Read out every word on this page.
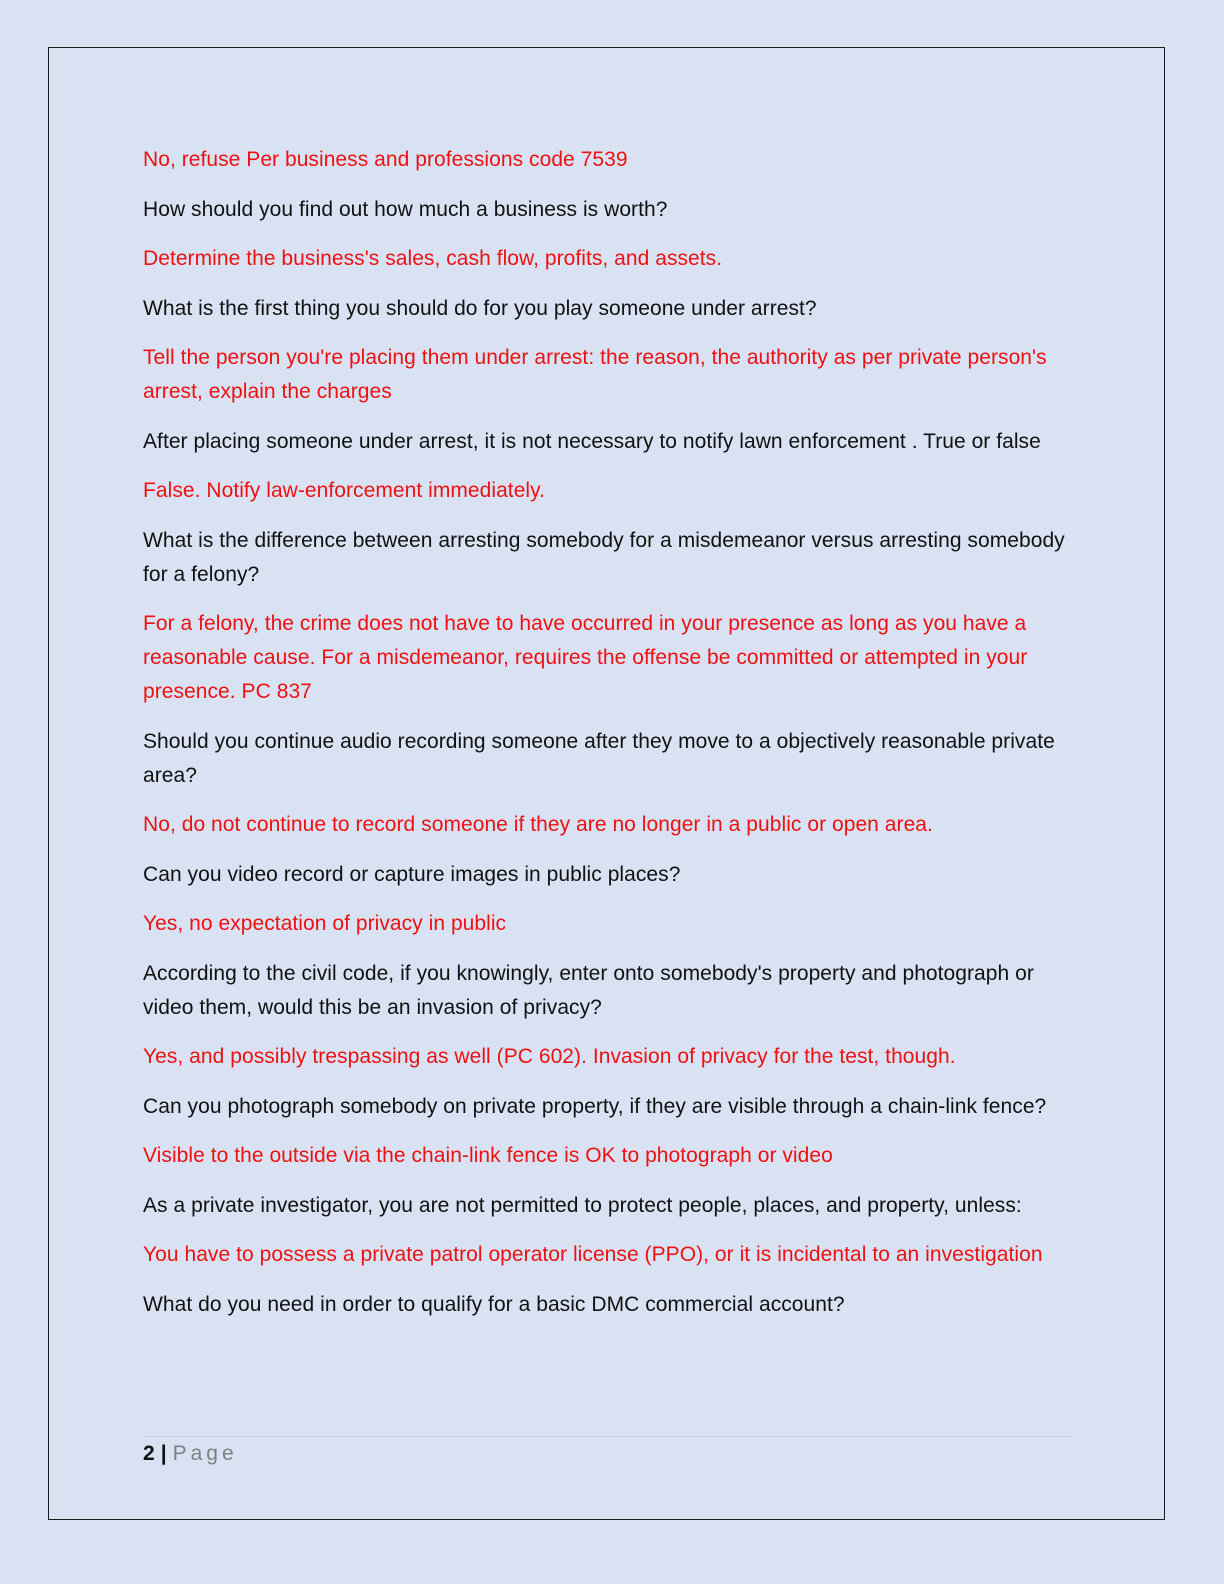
No, refuse Per business and professions code 7539

How should you find out how much a business is worth?

Determine the business's sales, cash flow, profits, and assets.

What is the first thing you should do for you play someone under arrest?

Tell the person you're placing them under arrest: the reason, the authority as per private person's arrest, explain the charges

After placing someone under arrest, it is not necessary to notify lawn enforcement . True or false

False. Notify law-enforcement immediately.

What is the difference between arresting somebody for a misdemeanor versus arresting somebody for a felony?

For a felony, the crime does not have to have occurred in your presence as long as you have a reasonable cause. For a misdemeanor, requires the offense be committed or attempted in your presence. PC 837

Should you continue audio recording someone after they move to a objectively reasonable private area?

No, do not continue to record someone if they are no longer in a public or open area.

Can you video record or capture images in public places?

Yes, no expectation of privacy in public

According to the civil code, if you knowingly, enter onto somebody's property and photograph or video them, would this be an invasion of privacy?

Yes, and possibly trespassing as well (PC 602). Invasion of privacy for the test, though.

Can you photograph somebody on private property, if they are visible through a chain-link fence?

Visible to the outside via the chain-link fence is OK to photograph or video

As a private investigator, you are not permitted to protect people, places, and property, unless:

You have to possess a private patrol operator license (PPO), or it is incidental to an investigation

What do you need in order to qualify for a basic DMC commercial account?

2 | Page
